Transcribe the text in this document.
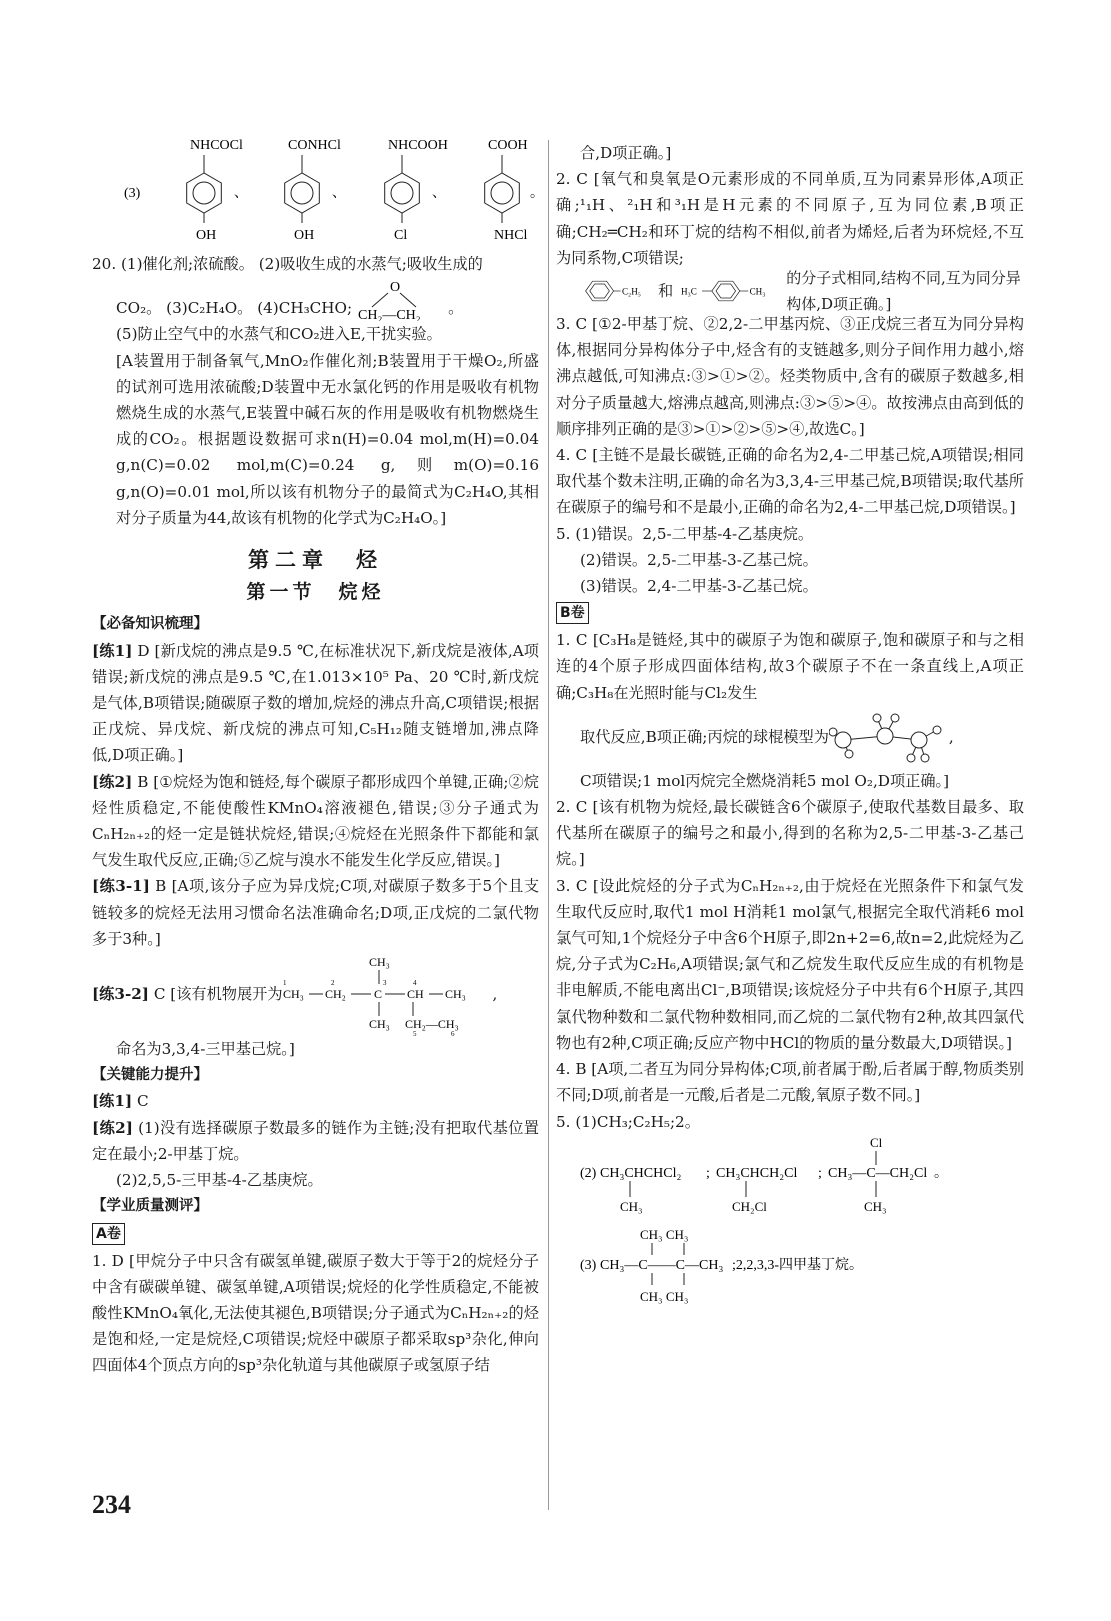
(3)
NHCOCl
OH
、
CONHCl
OH
、
NHCOOH
Cl
、
COOH
NHCl

20. (1)催化剂;浓硫酸。 (2)吸收生成的水蒸气;吸收生成的

CO₂。 (3)C₂H₄O。 (4)CH₃CHO;
O
CH₂—CH₂ 。

(5)防止空气中的水蒸气和CO₂进入E,干扰实验。

[A装置用于制备氧气,MnO₂作催化剂;B装置用于干燥O₂,所盛的试剂可选用浓硫酸;D装置中无水氯化钙的作用是吸收有机物燃烧生成的水蒸气,E装置中碱石灰的作用是吸收有机物燃烧生成的CO₂。根据题设数据可求n(H)=0.04 mol,m(H)=0.04 g,n(C)=0.02 mol,m(C)=0.24 g,则m(O)=0.16 g,n(O)=0.01 mol,所以该有机物分子的最简式为C₂H₄O,其相对分子质量为44,故该有机物的化学式为C₂H₄O。]

第二章　烃
第一节　烷烃
【必备知识梳理】

[练1] D [新戊烷的沸点是9.5 ℃,在标准状况下,新戊烷是液体,A项错误;新戊烷的沸点是9.5 ℃,在1.013×10⁵ Pa、20 ℃时,新戊烷是气体,B项错误;随碳原子数的增加,烷烃的沸点升高,C项错误;根据正戊烷、异戊烷、新戊烷的沸点可知,C₅H₁₂随支链增加,沸点降低,D项正确。]

[练2] B [①烷烃为饱和链烃,每个碳原子都形成四个单键,正确;②烷烃性质稳定,不能使酸性KMnO₄溶液褪色,错误;③分子通式为CₙH₂ₙ₊₂的烃一定是链状烷烃,错误;④烷烃在光照条件下都能和氯气发生取代反应,正确;⑤乙烷与溴水不能发生化学反应,错误。]

[练3-1] B [A项,该分子应为异戊烷;C项,对碳原子数多于5个且支链较多的烷烃无法用习惯命名法准确命名;D项,正戊烷的二氯代物多于3种。]

[练3-2]
C [该有机物展开为
CH₃
CH₃ CH₂ C CH CH₃
1	2	3	4
CH₃ CH₂—CH₃
5	6
,

命名为3,3,4-三甲基己烷。]

【关键能力提升】

[练1] C

[练2] (1)没有选择碳原子数最多的链作为主链;没有把取代基位置定在最小;2-甲基丁烷。

(2)2,5,5-三甲基-4-乙基庚烷。

【学业质量测评】
A卷

1. D [甲烷分子中只含有碳氢单键,碳原子数大于等于2的烷烃分子中含有碳碳单键、碳氢单键,A项错误;烷烃的化学性质稳定,不能被酸性KMnO₄氧化,无法使其褪色,B项错误;分子通式为CₙH₂ₙ₊₂的烃是饱和烃,一定是烷烃,C项错误;烷烃中碳原子都采取sp³杂化,伸向四面体4个顶点方向的sp³杂化轨道与其他碳原子或氢原子结

合,D项正确。]

2. C [氧气和臭氧是O元素形成的不同单质,互为同素异形体,A项正确;¹₁H、²₁H和³₁H是H元素的不同原子,互为同位素,B项正确;CH₂═CH₂和环丁烷的结构不相似,前者为烯烃,后者为环烷烃,不互为同系物,C项错误;

C₂H₅ 和 H₃C	CH₃
的分子式相同,结构不同,互为同分异构体,D项正确。]

3. C [①2-甲基丁烷、②2,2-二甲基丙烷、③正戊烷三者互为同分异构体,根据同分异构体分子中,烃含有的支链越多,则分子间作用力越小,熔沸点越低,可知沸点:③>①>②。烃类物质中,含有的碳原子数越多,相对分子质量越大,熔沸点越高,则沸点:③>⑤>④。故按沸点由高到低的顺序排列正确的是③>①>②>⑤>④,故选C。]

4. C [主链不是最长碳链,正确的命名为2,4-二甲基己烷,A项错误;相同取代基个数未注明,正确的命名为3,3,4-三甲基己烷,B项错误;取代基所在碳原子的编号和不是最小,正确的命名为2,4-二甲基己烷,D项错误。]

5. (1)错误。2,5-二甲基-4-乙基庚烷。

(2)错误。2,5-二甲基-3-乙基己烷。

(3)错误。2,4-二甲基-3-乙基己烷。

B卷

1. C [C₃H₈是链烃,其中的碳原子为饱和碳原子,饱和碳原子和与之相连的4个原子形成四面体结构,故3个碳原子不在一条直线上,A项正确;C₃H₈在光照时能与Cl₂发生

取代反应,B项正确;丙烷的球棍模型为	,

C项错误;1 mol丙烷完全燃烧消耗5 mol O₂,D项正确。]

2. C [该有机物为烷烃,最长碳链含6个碳原子,使取代基数目最多、取代基所在碳原子的编号之和最小,得到的名称为2,5-二甲基-3-乙基己烷。]

3. C [设此烷烃的分子式为CₙH₂ₙ₊₂,由于烷烃在光照条件下和氯气发生取代反应时,取代1 mol H消耗1 mol氯气,根据完全取代消耗6 mol氯气可知,1个烷烃分子中含6个H原子,即2n+2=6,故n=2,此烷烃为乙烷,分子式为C₂H₆,A项错误;氯气和乙烷发生取代反应生成的有机物是非电解质,不能电离出Cl⁻,B项错误;该烷烃分子中共有6个H原子,其四氯代物种数和二氯代物种数相同,而乙烷的二氯代物有2种,故其四氯代物也有2种,C项正确;反应产物中HCl的物质的量分数最大,D项错误。]

4. B [A项,二者互为同分异构体;C项,前者属于酚,后者属于醇,物质类别不同;D项,前者是一元酸,后者是二元酸,氧原子数不同。]

5. (1)CH₃;C₂H₅;2。

(2) CH₃CHCHCl₂
CH₃
; CH₃CHCH₂Cl
CH₂Cl
; CH₃—C—CH₂Cl
Cl
CH₃
。

(3)
CH₃ CH₃
CH₃—C——C—CH₃
CH₃ CH₃
;2,2,3,3-四甲基丁烷。
234
